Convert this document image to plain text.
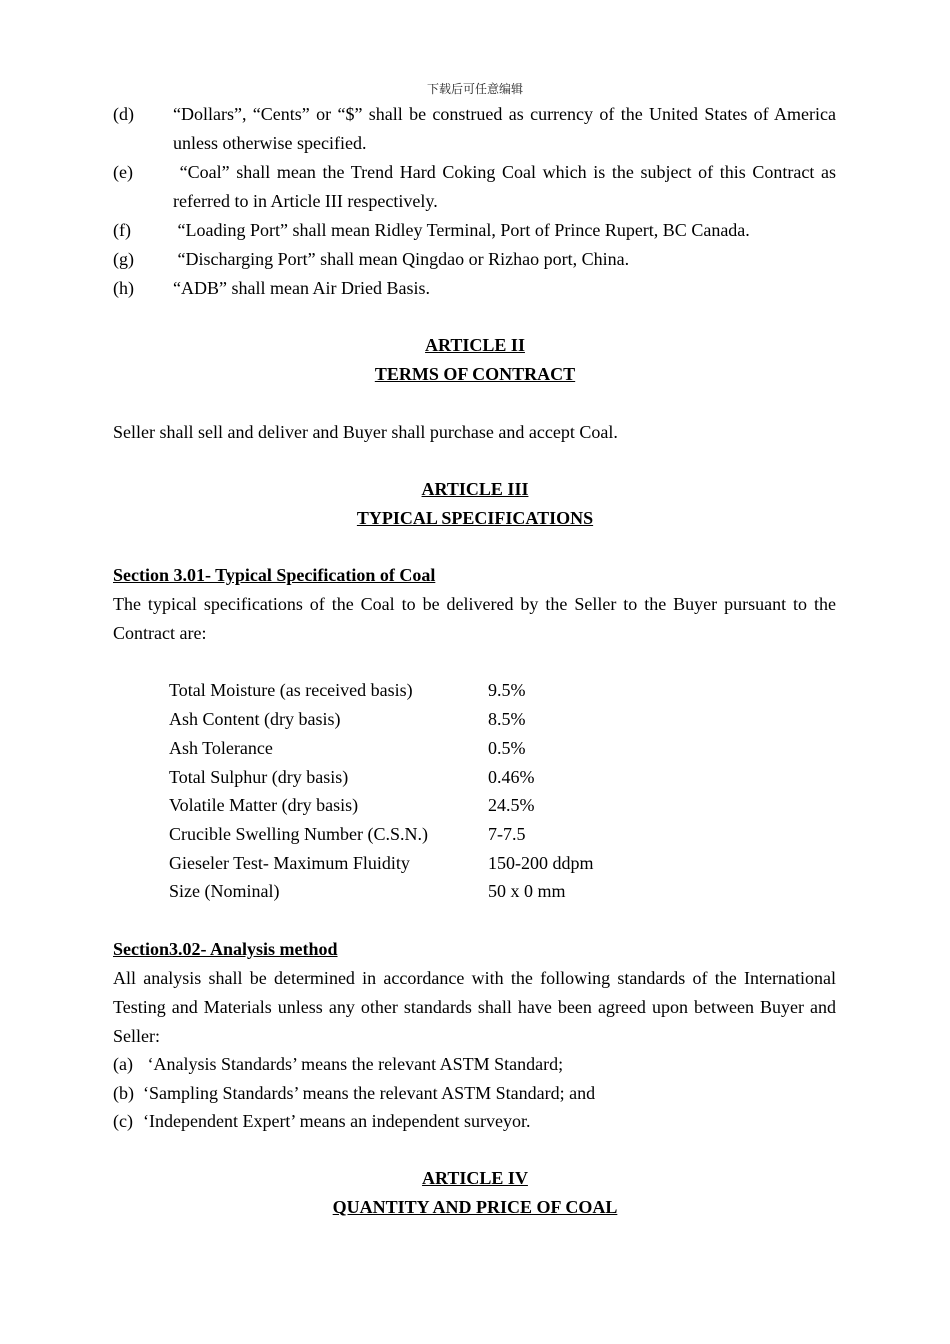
下载后可任意编辑
(d) “Dollars”, “Cents” or “$” shall be construed as currency of the United States of America unless otherwise specified.
(e) “Coal” shall mean the Trend Hard Coking Coal which is the subject of this Contract as referred to in Article III respectively.
(f) “Loading Port” shall mean Ridley Terminal, Port of Prince Rupert, BC Canada.
(g) “Discharging Port” shall mean Qingdao or Rizhao port, China.
(h) “ADB” shall mean Air Dried Basis.
ARTICLE II
TERMS OF CONTRACT
Seller shall sell and deliver and Buyer shall purchase and accept Coal.
ARTICLE III
TYPICAL SPECIFICATIONS
Section 3.01- Typical Specification of Coal
The typical specifications of the Coal to be delivered by the Seller to the Buyer pursuant to the Contract are:
Total Moisture (as received basis)	9.5%
Ash Content (dry basis)	8.5%
Ash Tolerance	0.5%
Total Sulphur (dry basis)	0.46%
Volatile Matter (dry basis)	24.5%
Crucible Swelling Number (C.S.N.)	7-7.5
Gieseler Test- Maximum Fluidity	150-200 ddpm
Size (Nominal)	50 x 0 mm
Section3.02- Analysis method
All analysis shall be determined in accordance with the following standards of the International Testing and Materials unless any other standards shall have been agreed upon between Buyer and Seller:
(a) ‘Analysis Standards’ means the relevant ASTM Standard;
(b) ‘Sampling Standards’ means the relevant ASTM Standard; and
(c) ‘Independent Expert’ means an independent surveyor.
ARTICLE IV
QUANTITY AND PRICE OF COAL
